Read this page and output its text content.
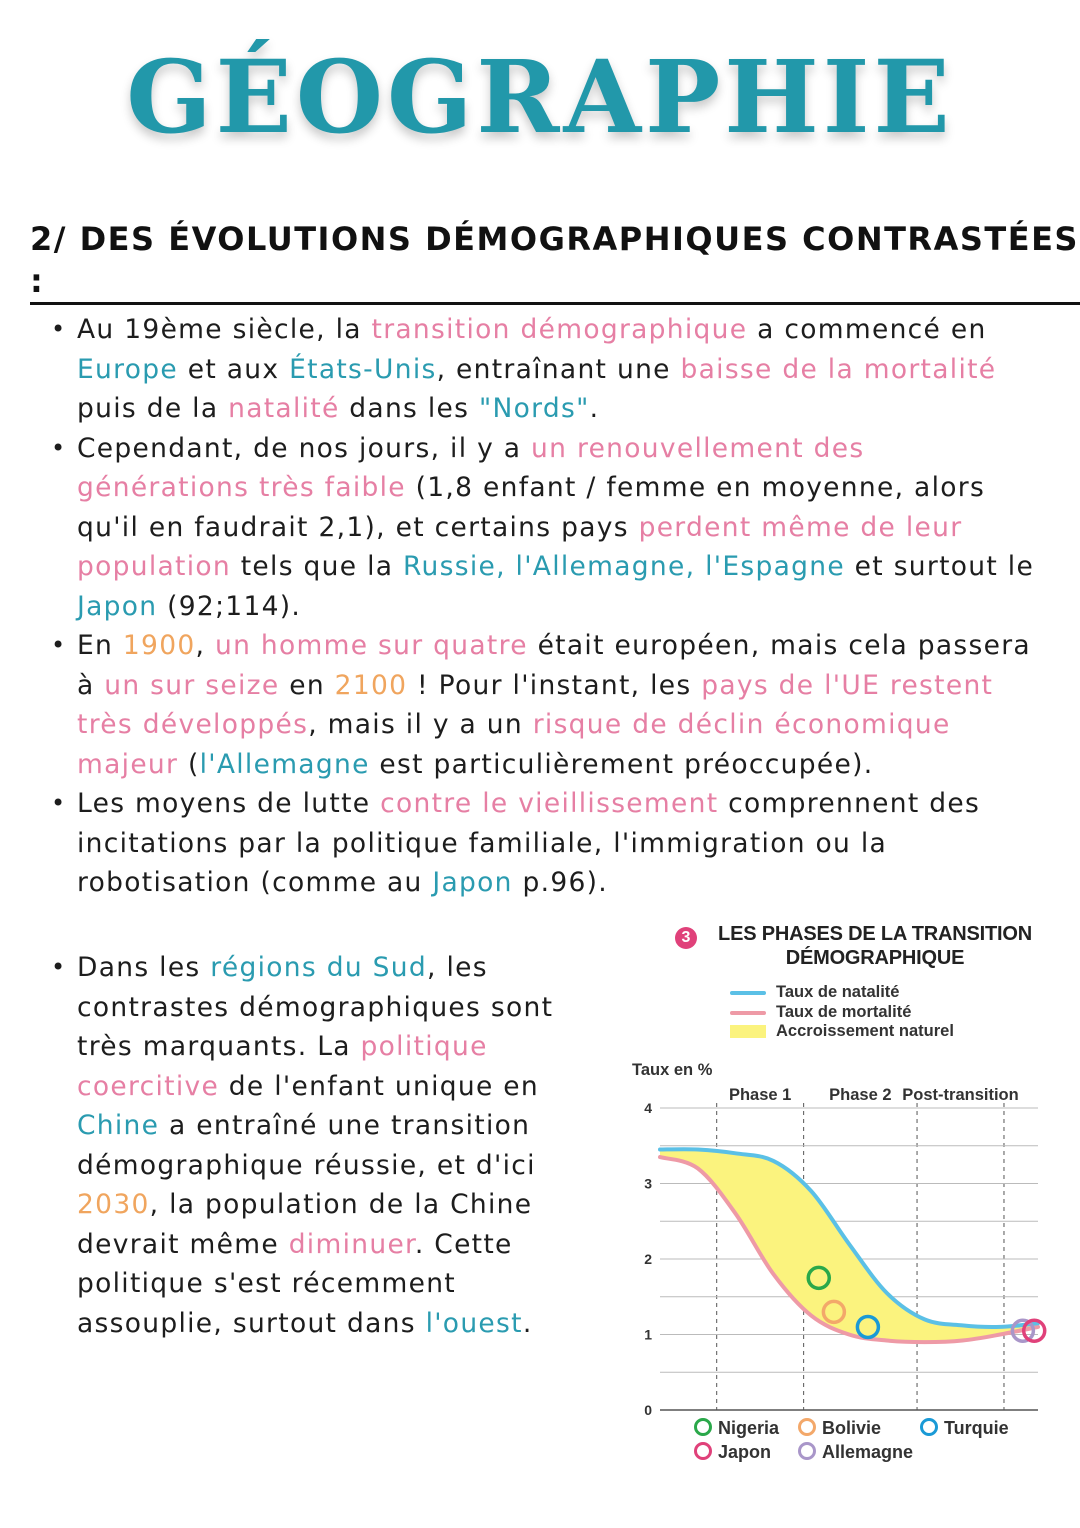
GÉOGRAPHIE
2/ DES ÉVOLUTIONS DÉMOGRAPHIQUES CONTRASTÉES :
• Au 19ème siècle, la transition démographique a commencé en Europe et aux États-Unis, entraînant une baisse de la mortalité puis de la natalité dans les "Nords".
• Cependant, de nos jours, il y a un renouvellement des générations très faible (1,8 enfant / femme en moyenne, alors qu'il en faudrait 2,1), et certains pays perdent même de leur population tels que la Russie, l'Allemagne, l'Espagne et surtout le Japon (92;114).
• En 1900, un homme sur quatre était européen, mais cela passera à un sur seize en 2100 ! Pour l'instant, les pays de l'UE restent très développés, mais il y a un risque de déclin économique majeur (l'Allemagne est particulièrement préoccupée).
• Les moyens de lutte contre le vieillissement comprennent des incitations par la politique familiale, l'immigration ou la robotisation (comme au Japon p.96).
• Dans les régions du Sud, les contrastes démographiques sont très marquants. La politique coercitive de l'enfant unique en Chine a entraîné une transition démographique réussie, et d'ici 2030, la population de la Chine devrait même diminuer. Cette politique s'est récemment assouplie, surtout dans l'ouest.
3	LES PHASES DE LA TRANSITION DÉMOGRAPHIQUE
Taux de natalité
Taux de mortalité
Accroissement naturel
Taux en %
Phase 1 Phase 2 Post-transition
0
1
2
3
4
Nigeria	Bolivie	Turquie
Japon	Allemagne
